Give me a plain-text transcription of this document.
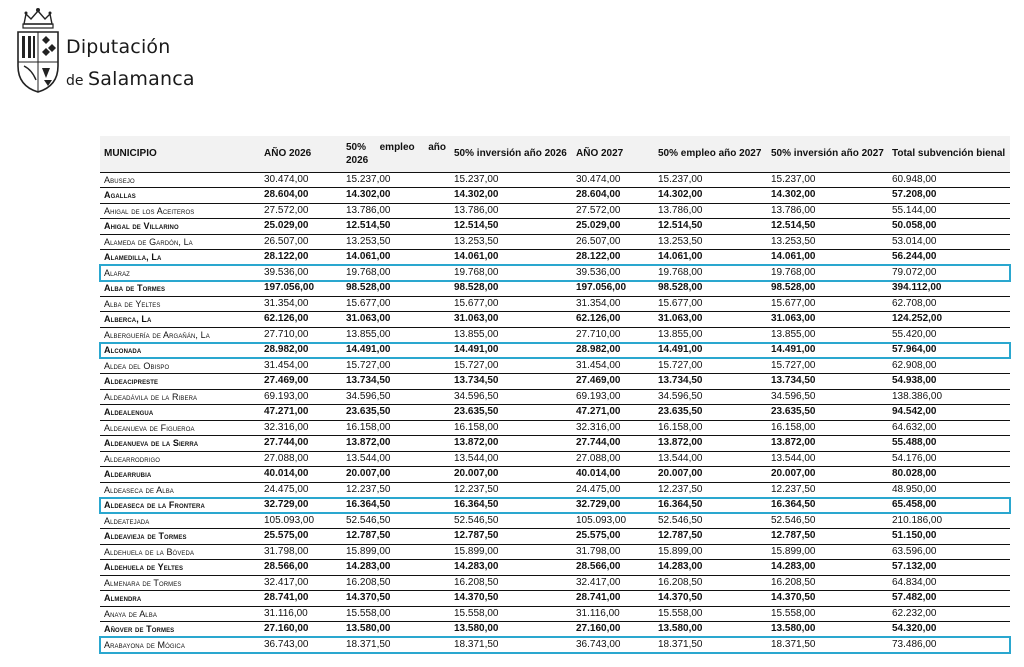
Diputación
de Salamanca
MUNICIPIO	AÑO 2026	50% empleo año 2026	50% inversión año 2026	AÑO 2027	50% empleo año 2027	50% inversión año 2027	Total subvención bienal
Abusejo	30.474,00	15.237,00	15.237,00	30.474,00	15.237,00	15.237,00	60.948,00
Agallas	28.604,00	14.302,00	14.302,00	28.604,00	14.302,00	14.302,00	57.208,00
Ahigal de los Aceiteros	27.572,00	13.786,00	13.786,00	27.572,00	13.786,00	13.786,00	55.144,00
Ahigal de Villarino	25.029,00	12.514,50	12.514,50	25.029,00	12.514,50	12.514,50	50.058,00
Alameda de Gardón, La	26.507,00	13.253,50	13.253,50	26.507,00	13.253,50	13.253,50	53.014,00
Alamedilla, La	28.122,00	14.061,00	14.061,00	28.122,00	14.061,00	14.061,00	56.244,00
Alaraz	39.536,00	19.768,00	19.768,00	39.536,00	19.768,00	19.768,00	79.072,00
Alba de Tormes	197.056,00	98.528,00	98.528,00	197.056,00	98.528,00	98.528,00	394.112,00
Alba de Yeltes	31.354,00	15.677,00	15.677,00	31.354,00	15.677,00	15.677,00	62.708,00
Alberca, La	62.126,00	31.063,00	31.063,00	62.126,00	31.063,00	31.063,00	124.252,00
Alberguería de Argañán, La	27.710,00	13.855,00	13.855,00	27.710,00	13.855,00	13.855,00	55.420,00
Alconada	28.982,00	14.491,00	14.491,00	28.982,00	14.491,00	14.491,00	57.964,00
Aldea del Obispo	31.454,00	15.727,00	15.727,00	31.454,00	15.727,00	15.727,00	62.908,00
Aldeacipreste	27.469,00	13.734,50	13.734,50	27.469,00	13.734,50	13.734,50	54.938,00
Aldeadávila de la Ribera	69.193,00	34.596,50	34.596,50	69.193,00	34.596,50	34.596,50	138.386,00
Aldealengua	47.271,00	23.635,50	23.635,50	47.271,00	23.635,50	23.635,50	94.542,00
Aldeanueva de Figueroa	32.316,00	16.158,00	16.158,00	32.316,00	16.158,00	16.158,00	64.632,00
Aldeanueva de la Sierra	27.744,00	13.872,00	13.872,00	27.744,00	13.872,00	13.872,00	55.488,00
Aldearrodrigo	27.088,00	13.544,00	13.544,00	27.088,00	13.544,00	13.544,00	54.176,00
Aldearrubia	40.014,00	20.007,00	20.007,00	40.014,00	20.007,00	20.007,00	80.028,00
Aldeaseca de Alba	24.475,00	12.237,50	12.237,50	24.475,00	12.237,50	12.237,50	48.950,00
Aldeaseca de la Frontera	32.729,00	16.364,50	16.364,50	32.729,00	16.364,50	16.364,50	65.458,00
Aldeatejada	105.093,00	52.546,50	52.546,50	105.093,00	52.546,50	52.546,50	210.186,00
Aldeavieja de Tormes	25.575,00	12.787,50	12.787,50	25.575,00	12.787,50	12.787,50	51.150,00
Aldehuela de la Bóveda	31.798,00	15.899,00	15.899,00	31.798,00	15.899,00	15.899,00	63.596,00
Aldehuela de Yeltes	28.566,00	14.283,00	14.283,00	28.566,00	14.283,00	14.283,00	57.132,00
Almenara de Tormes	32.417,00	16.208,50	16.208,50	32.417,00	16.208,50	16.208,50	64.834,00
Almendra	28.741,00	14.370,50	14.370,50	28.741,00	14.370,50	14.370,50	57.482,00
Anaya de Alba	31.116,00	15.558,00	15.558,00	31.116,00	15.558,00	15.558,00	62.232,00
Añover de Tormes	27.160,00	13.580,00	13.580,00	27.160,00	13.580,00	13.580,00	54.320,00
Arabayona de Mógica	36.743,00	18.371,50	18.371,50	36.743,00	18.371,50	18.371,50	73.486,00
